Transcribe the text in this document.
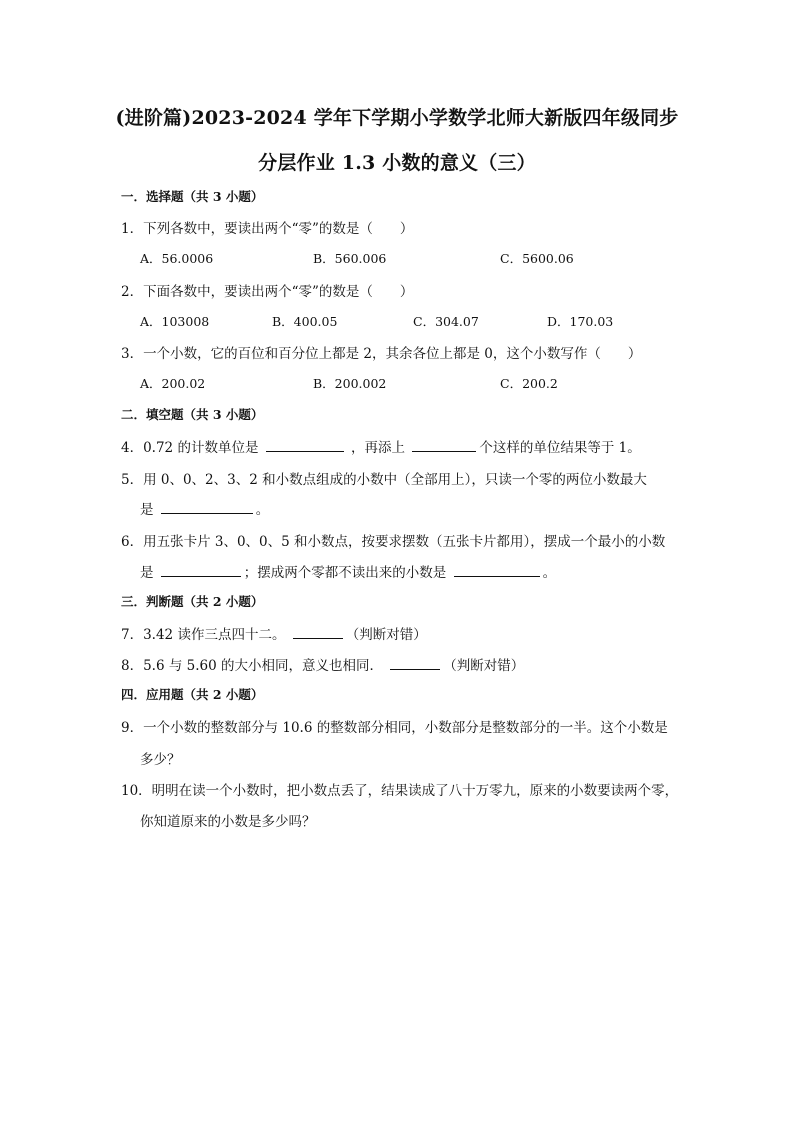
(进阶篇)2023-2024 学年下学期小学数学北师大新版四年级同步
分层作业 1.3 小数的意义（三）
一．选择题（共 3 小题）
1．下列各数中，要读出两个“零”的数是（　　）
A．56.0006	B．560.006	C．5600.06
2．下面各数中，要读出两个“零”的数是（　　）
A．103008	B．400.05	C．304.07	D．170.03
3．一个小数，它的百位和百分位上都是 2，其余各位上都是 0，这个小数写作（　　）
A．200.02	B．200.002	C．200.2
二．填空题（共 3 小题）
4．0.72 的计数单位是	，再添上	个这样的单位结果等于 1。
5．用 0、0、2、3、2 和小数点组成的小数中（全部用上），只读一个零的两位小数最大
是	。
6．用五张卡片 3、0、0、5 和小数点，按要求摆数（五张卡片都用），摆成一个最小的小数
是	；摆成两个零都不读出来的小数是	。
三．判断题（共 2 小题）
7．3.42 读作三点四十二。	（判断对错）
8．5.6 与 5.60 的大小相同，意义也相同．	（判断对错）
四．应用题（共 2 小题）
9．一个小数的整数部分与 10.6 的整数部分相同，小数部分是整数部分的一半。这个小数是
多少？
10．明明在读一个小数时，把小数点丢了，结果读成了八十万零九，原来的小数要读两个零，
你知道原来的小数是多少吗？
